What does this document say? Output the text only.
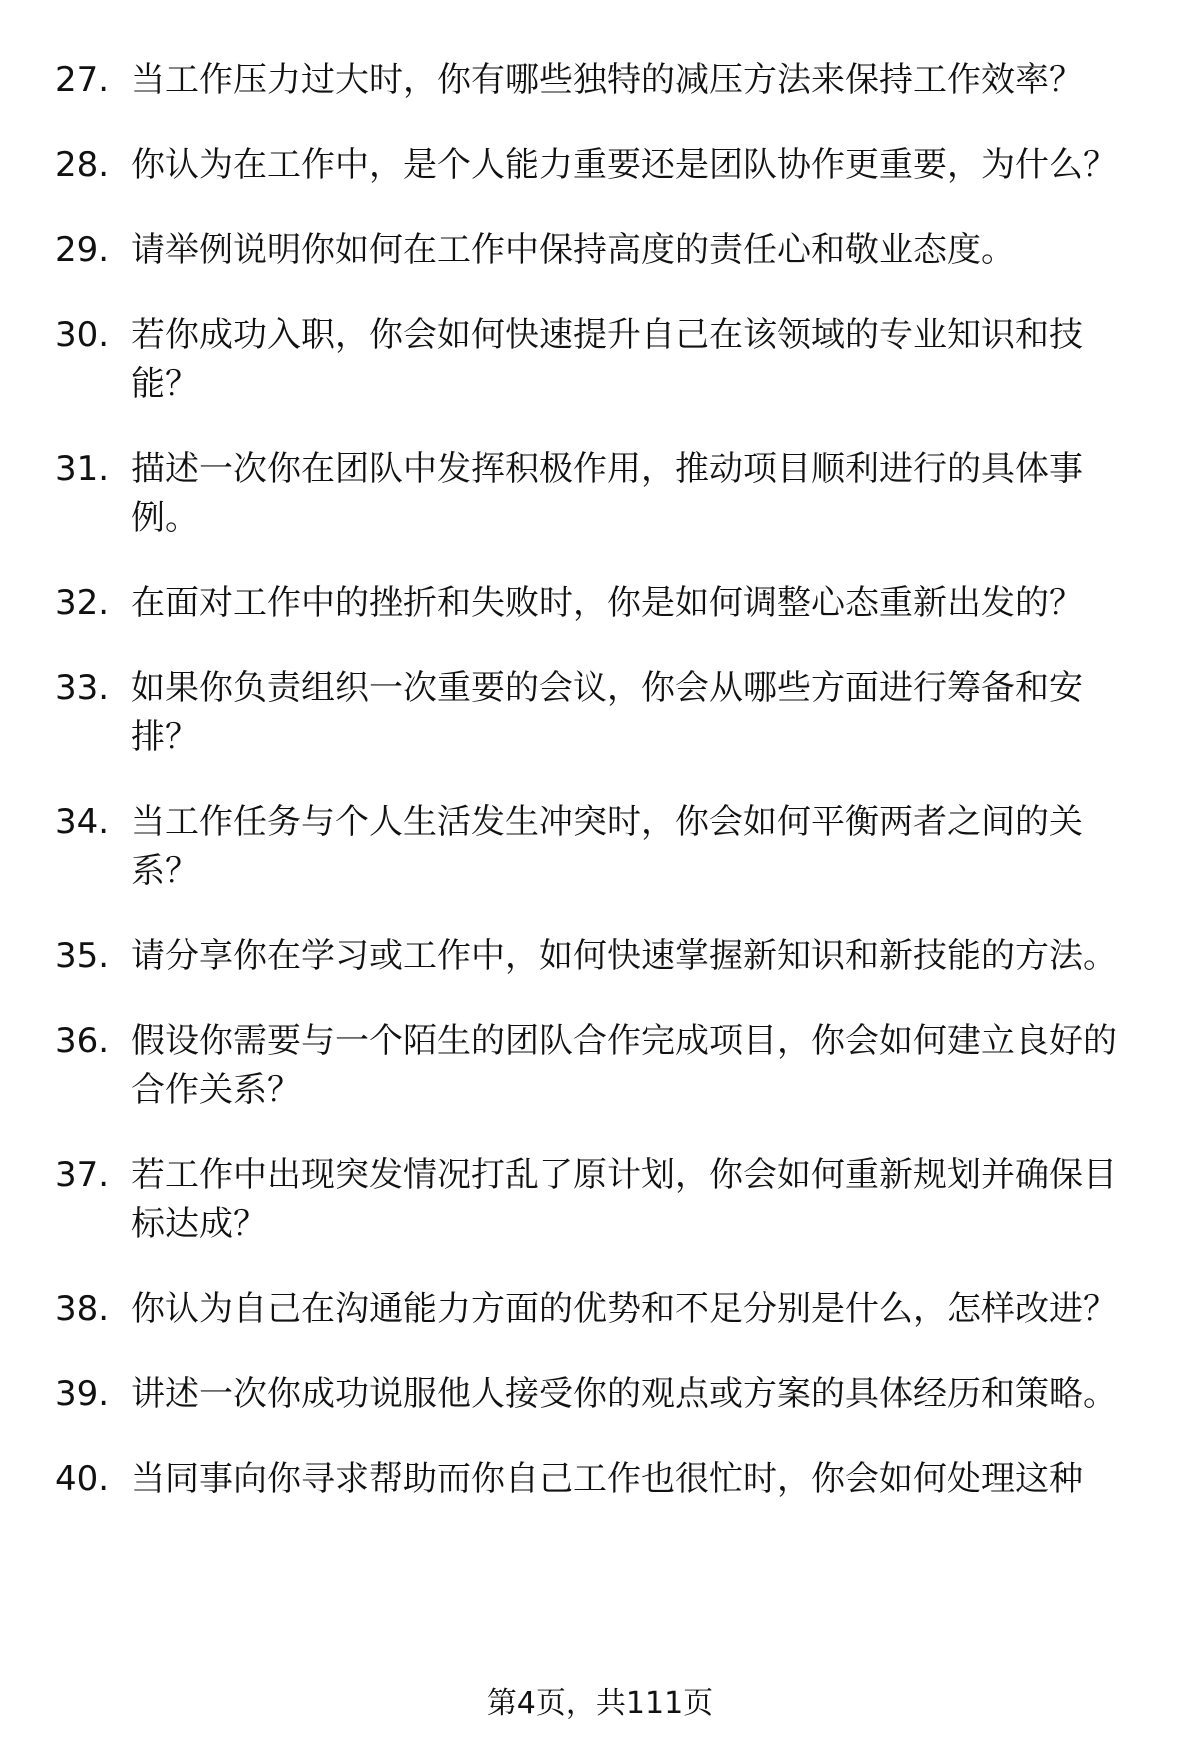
27. 当工作压力过大时，你有哪些独特的减压方法来保持工作效率？
28. 你认为在工作中，是个人能力重要还是团队协作更重要，为什么？
29. 请举例说明你如何在工作中保持高度的责任心和敬业态度。
30. 若你成功入职，你会如何快速提升自己在该领域的专业知识和技能？
31. 描述一次你在团队中发挥积极作用，推动项目顺利进行的具体事例。
32. 在面对工作中的挫折和失败时，你是如何调整心态重新出发的？
33. 如果你负责组织一次重要的会议，你会从哪些方面进行筹备和安排？
34. 当工作任务与个人生活发生冲突时，你会如何平衡两者之间的关系？
35. 请分享你在学习或工作中，如何快速掌握新知识和新技能的方法。
36. 假设你需要与一个陌生的团队合作完成项目，你会如何建立良好的合作关系？
37. 若工作中出现突发情况打乱了原计划，你会如何重新规划并确保目标达成？
38. 你认为自己在沟通能力方面的优势和不足分别是什么，怎样改进？
39. 讲述一次你成功说服他人接受你的观点或方案的具体经历和策略。
40. 当同事向你寻求帮助而你自己工作也很忙时，你会如何处理这种
第4页，共111页
